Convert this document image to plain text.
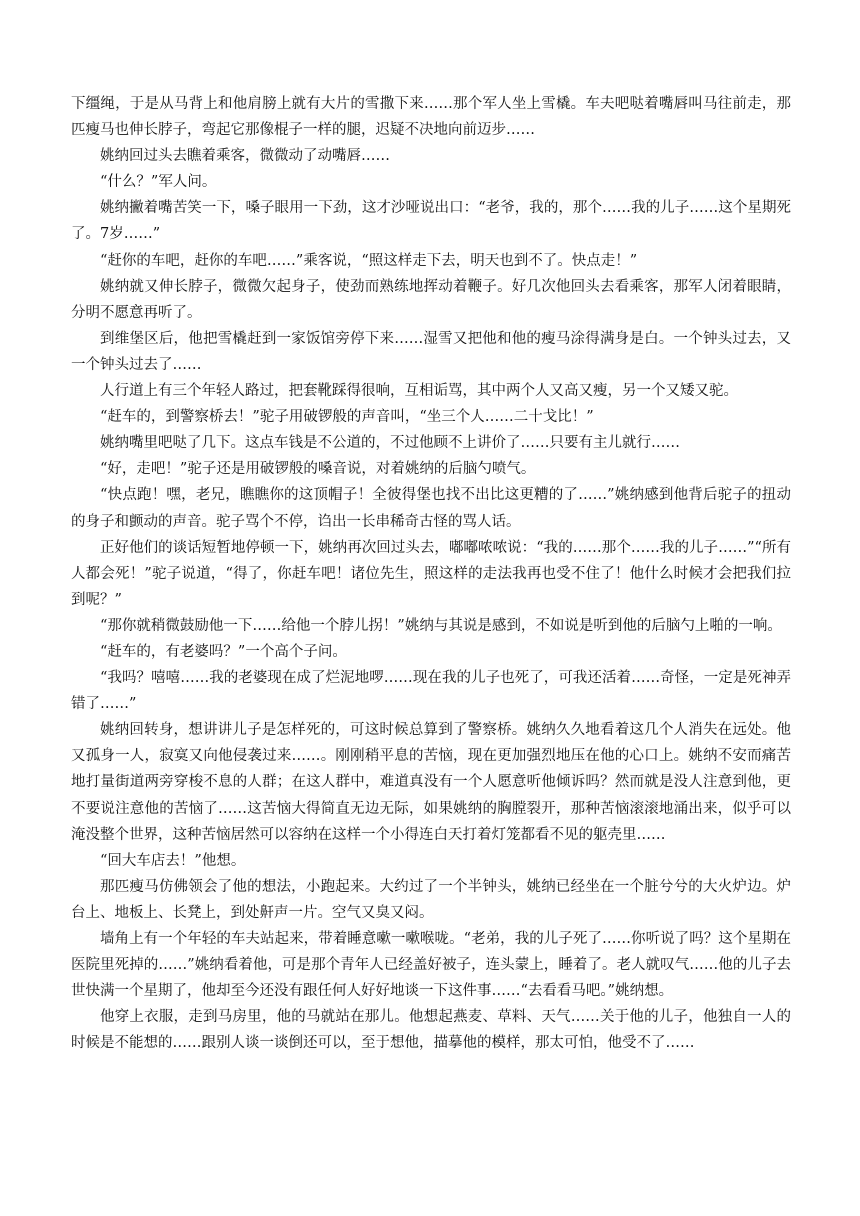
下缰绳，于是从马背上和他肩膀上就有大片的雪撒下来……那个军人坐上雪橇。车夫吧哒着嘴唇叫马往前走，那匹瘦马也伸长脖子，弯起它那像棍子一样的腿，迟疑不决地向前迈步……

姚纳回过头去瞧着乘客，微微动了动嘴唇……

“什么？”军人问。

姚纳撇着嘴苦笑一下，嗓子眼用一下劲，这才沙哑说出口：“老爷，我的，那个……我的儿子……这个星期死了。7岁……”

“赶你的车吧，赶你的车吧……”乘客说，“照这样走下去，明天也到不了。快点走！”

姚纳就又伸长脖子，微微欠起身子，使劲而熟练地挥动着鞭子。好几次他回头去看乘客，那军人闭着眼睛，分明不愿意再听了。

到维堡区后，他把雪橇赶到一家饭馆旁停下来……湿雪又把他和他的瘦马涂得满身是白。一个钟头过去，又一个钟头过去了……

人行道上有三个年轻人路过，把套靴踩得很响，互相诟骂，其中两个人又高又瘦，另一个又矮又驼。

“赶车的，到警察桥去！”驼子用破锣般的声音叫，“坐三个人……二十戈比！”

姚纳嘴里吧哒了几下。这点车钱是不公道的，不过他顾不上讲价了……只要有主儿就行……

“好，走吧！”驼子还是用破锣般的嗓音说，对着姚纳的后脑勺喷气。

“快点跑！嘿，老兄，瞧瞧你的这顶帽子！全彼得堡也找不出比这更糟的了……”姚纳感到他背后驼子的扭动的身子和颤动的声音。驼子骂个不停，诌出一长串稀奇古怪的骂人话。

正好他们的谈话短暂地停顿一下，姚纳再次回过头去，嘟嘟哝哝说：“我的……那个……我的儿子……”“所有人都会死！”驼子说道，“得了，你赶车吧！诸位先生，照这样的走法我再也受不住了！他什么时候才会把我们拉到呢？”

“那你就稍微鼓励他一下……给他一个脖儿拐！”姚纳与其说是感到，不如说是听到他的后脑勺上啪的一响。

“赶车的，有老婆吗？”一个高个子问。

“我吗？嘻嘻……我的老婆现在成了烂泥地啰……现在我的儿子也死了，可我还活着……奇怪，一定是死神弄错了……”

姚纳回转身，想讲讲儿子是怎样死的，可这时候总算到了警察桥。姚纳久久地看着这几个人消失在远处。他又孤身一人，寂寞又向他侵袭过来……。刚刚稍平息的苦恼，现在更加强烈地压在他的心口上。姚纳不安而痛苦地打量街道两旁穿梭不息的人群；在这人群中，难道真没有一个人愿意听他倾诉吗？然而就是没人注意到他，更不要说注意他的苦恼了……这苦恼大得简直无边无际，如果姚纳的胸膛裂开，那种苦恼滚滚地涌出来，似乎可以淹没整个世界，这种苦恼居然可以容纳在这样一个小得连白天打着灯笼都看不见的躯壳里……

“回大车店去！”他想。

那匹瘦马仿佛领会了他的想法，小跑起来。大约过了一个半钟头，姚纳已经坐在一个脏兮兮的大火炉边。炉台上、地板上、长凳上，到处鼾声一片。空气又臭又闷。

墙角上有一个年轻的车夫站起来，带着睡意嗽一嗽喉咙。“老弟，我的儿子死了……你听说了吗？这个星期在医院里死掉的……”姚纳看着他，可是那个青年人已经盖好被子，连头蒙上，睡着了。老人就叹气……他的儿子去世快满一个星期了，他却至今还没有跟任何人好好地谈一下这件事……“去看看马吧。”姚纳想。

他穿上衣服，走到马房里，他的马就站在那儿。他想起燕麦、草料、天气……关于他的儿子，他独自一人的时候是不能想的……跟别人谈一谈倒还可以，至于想他，描摹他的模样，那太可怕，他受不了……
